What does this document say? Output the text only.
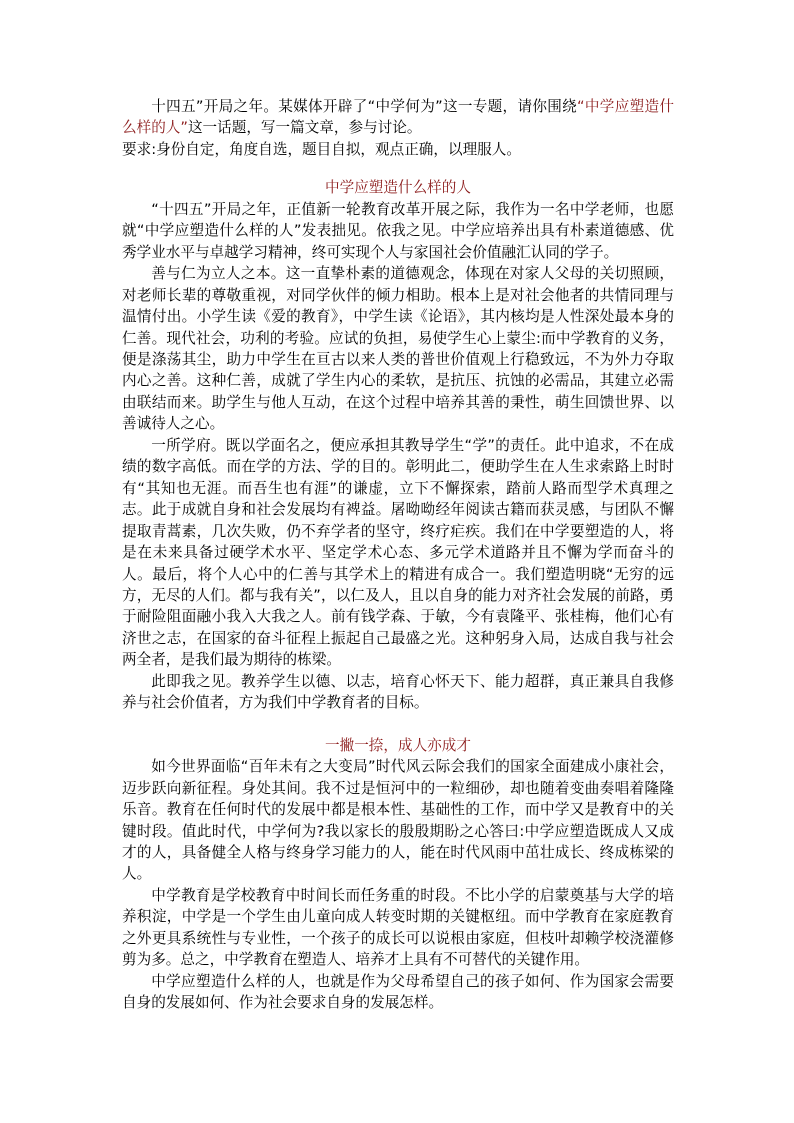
十四五”开局之年。某媒体开辟了“中学何为”这一专题，请你围绕“中学应塑造什么样的人”这一话题，写一篇文章，参与讨论。

要求:身份自定，角度自选，题目自拟，观点正确，以理服人。

中学应塑造什么样的人

“十四五”开局之年，正值新一轮教育改革开展之际，我作为一名中学老师，也愿就“中学应塑造什么样的人”发表拙见。依我之见。中学应培养出具有朴素道德感、优秀学业水平与卓越学习精神，终可实现个人与家国社会价值融汇认同的学子。

善与仁为立人之本。这一直挚朴素的道德观念，体现在对家人父母的关切照顾，对老师长辈的尊敬重视，对同学伙伴的倾力相助。根本上是对社会他者的共情同理与温情付出。小学生读《爱的教育》，中学生读《论语》，其内核均是人性深处最本身的仁善。现代社会，功利的考验。应试的负担，易使学生心上蒙尘:而中学教育的义务，便是涤荡其尘，助力中学生在亘古以来人类的普世价值观上行稳致远，不为外力夺取内心之善。这种仁善，成就了学生内心的柔软，是抗压、抗蚀的必需品，其建立必需由联结而来。助学生与他人互动，在这个过程中培养其善的秉性，萌生回馈世界、以善诚待人之心。

一所学府。既以学面名之，便应承担其教导学生“学”的责任。此中追求，不在成绩的数字高低。而在学的方法、学的目的。彰明此二，便助学生在人生求索路上时时有“其知也无涯。而吾生也有涯”的谦虚，立下不懈探索，踏前人路而型学术真理之志。此于成就自身和社会发展均有裨益。屠呦呦经年阅读古籍而获灵感，与团队不懈提取青蒿素，几次失败，仍不弃学者的坚守，终疗疟疾。我们在中学要塑造的人，将是在未来具备过硬学术水平、坚定学术心态、多元学术道路并且不懈为学而奋斗的人。最后，将个人心中的仁善与其学术上的精进有成合一。我们塑造明晓“无穷的远方，无尽的人们。都与我有关”，以仁及人，且以自身的能力对齐社会发展的前路，勇于耐险阻面融小我入大我之人。前有钱学森、于敏，今有袁隆平、张桂梅，他们心有济世之志，在国家的奋斗征程上振起自己最盛之光。这种躬身入局，达成自我与社会两全者，是我们最为期待的栋梁。

此即我之见。教养学生以德、以志，培育心怀天下、能力超群，真正兼具自我修养与社会价值者，方为我们中学教育者的目标。

一撇一捺，成人亦成才

如今世界面临“百年未有之大变局”时代风云际会我们的国家全面建成小康社会，迈步跃向新征程。身处其间。我不过是恒河中的一粒细砂，却也随着变曲奏唱着隆隆乐音。教育在任何时代的发展中都是根本性、基础性的工作，而中学又是教育中的关键时段。值此时代，中学何为?我以家长的殷殷期盼之心答曰:中学应塑造既成人又成才的人，具备健全人格与终身学习能力的人，能在时代风雨中茁壮成长、终成栋梁的人。

中学教育是学校教育中时间长而任务重的时段。不比小学的启蒙奠基与大学的培养积淀，中学是一个学生由儿童向成人转变时期的关键枢纽。而中学教育在家庭教育之外更具系统性与专业性，一个孩子的成长可以说根由家庭，但枝叶却赖学校浇灌修剪为多。总之，中学教育在塑造人、培养才上具有不可替代的关键作用。

中学应塑造什么样的人，也就是作为父母希望自己的孩子如何、作为国家会需要自身的发展如何、作为社会要求自身的发展怎样。
